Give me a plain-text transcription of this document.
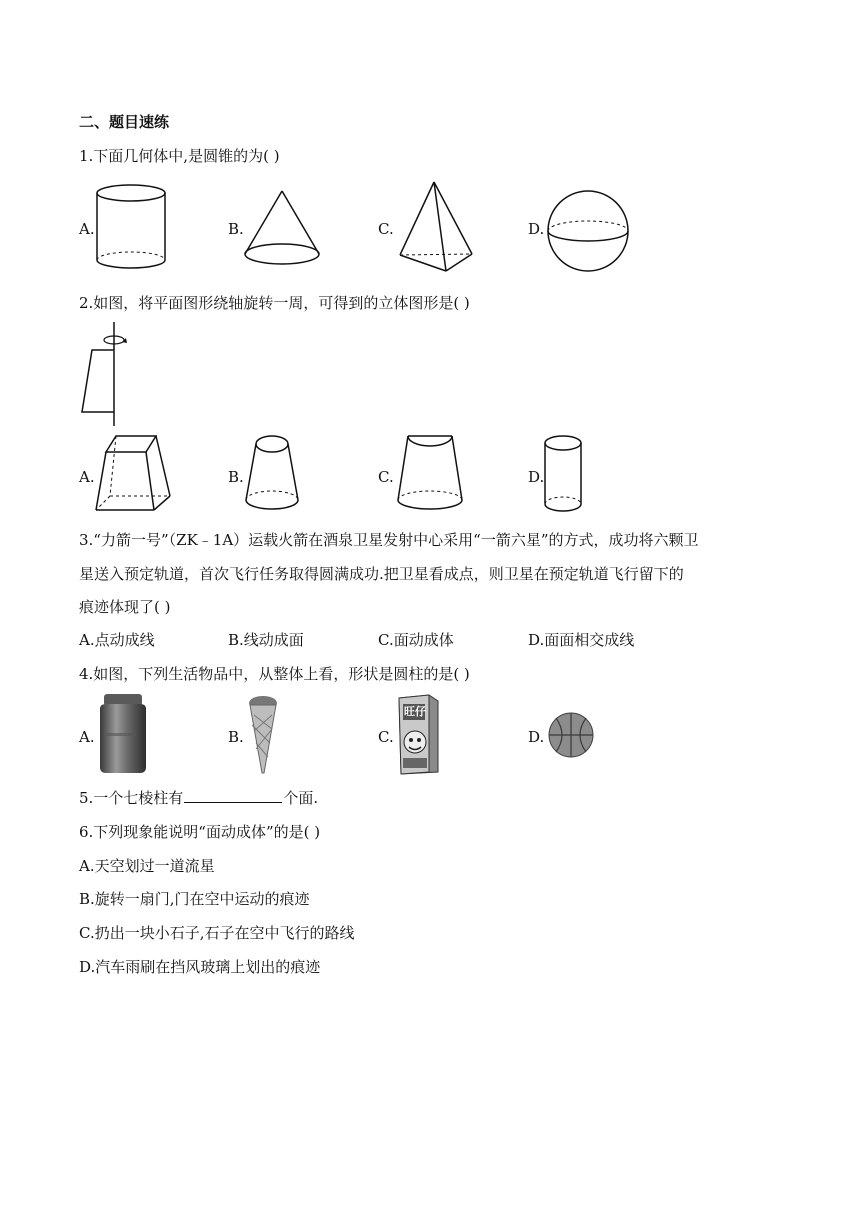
二、题目速练
1.下面几何体中,是圆锥的为( )
A.	B.	C.	D.
2.如图，将平面图形绕轴旋转一周，可得到的立体图形是( )
A.	B.	C.	D.
3.“力箭一号”（ZK﹣1A）运载火箭在酒泉卫星发射中心采用“一箭六星”的方式，成功将六颗卫
星送入预定轨道，首次飞行任务取得圆满成功.把卫星看成点，则卫星在预定轨道飞行留下的
痕迹体现了( )
A.点动成线	B.线动成面	C.面动成体	D.面面相交成线
4.如图，下列生活物品中，从整体上看，形状是圆柱的是( )
A.	B.	C.
旺仔
D.
5.一个七棱柱有	个面.
6.下列现象能说明“面动成体”的是( )
A.天空划过一道流星
B.旋转一扇门,门在空中运动的痕迹
C.扔出一块小石子,石子在空中飞行的路线
D.汽车雨刷在挡风玻璃上划出的痕迹
